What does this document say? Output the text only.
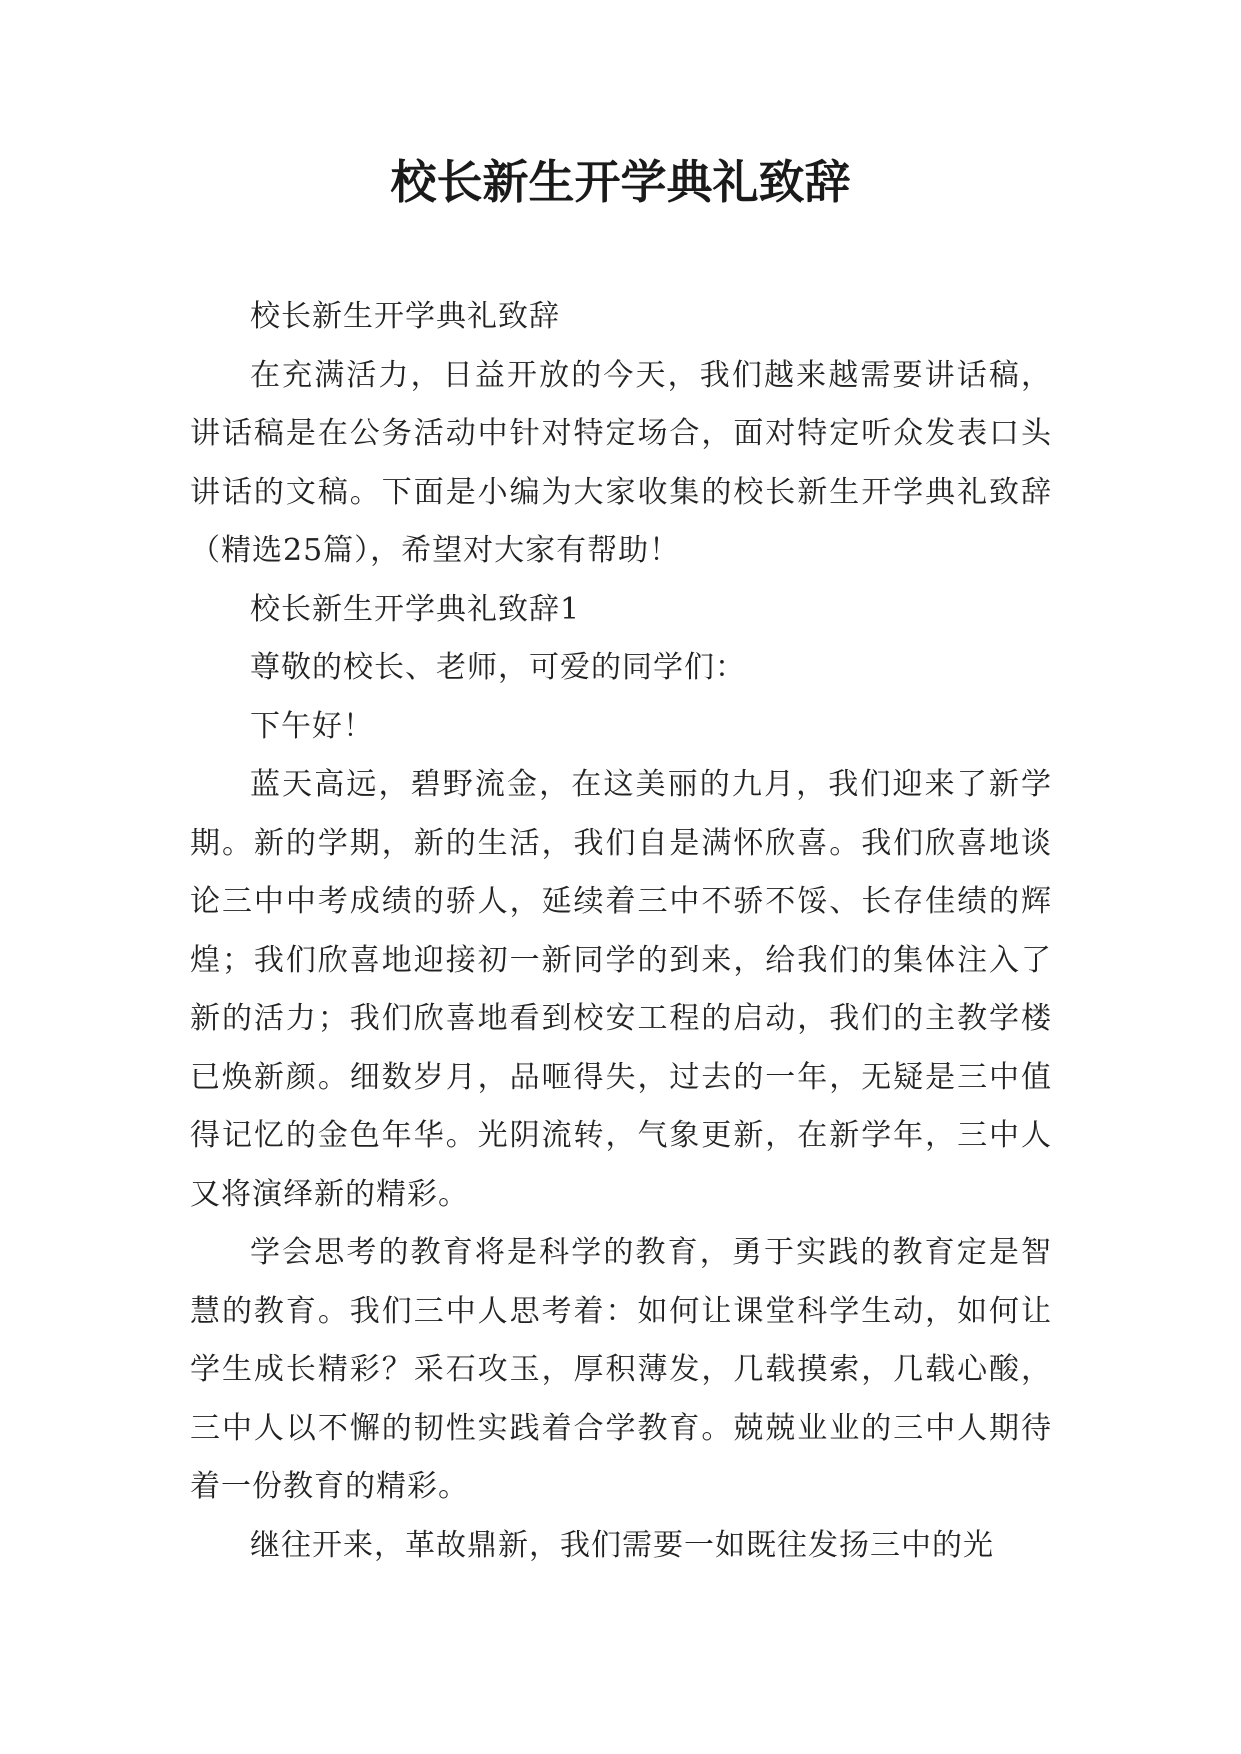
校长新生开学典礼致辞

校长新生开学典礼致辞

在充满活力，日益开放的今天，我们越来越需要讲话稿，讲话稿是在公务活动中针对特定场合，面对特定听众发表口头讲话的文稿。下面是小编为大家收集的校长新生开学典礼致辞（精选25篇），希望对大家有帮助！

校长新生开学典礼致辞1

尊敬的校长、老师，可爱的同学们：

下午好！

蓝天高远，碧野流金，在这美丽的九月，我们迎来了新学期。新的学期，新的生活，我们自是满怀欣喜。我们欣喜地谈论三中中考成绩的骄人，延续着三中不骄不馁、长存佳绩的辉煌；我们欣喜地迎接初一新同学的到来，给我们的集体注入了新的活力；我们欣喜地看到校安工程的启动，我们的主教学楼已焕新颜。细数岁月，品咂得失，过去的一年，无疑是三中值得记忆的金色年华。光阴流转，气象更新，在新学年，三中人又将演绎新的精彩。

学会思考的教育将是科学的教育，勇于实践的教育定是智慧的教育。我们三中人思考着：如何让课堂科学生动，如何让学生成长精彩？采石攻玉，厚积薄发，几载摸索，几载心酸，三中人以不懈的韧性实践着合学教育。兢兢业业的三中人期待着一份教育的精彩。

继往开来，革故鼎新，我们需要一如既往发扬三中的光
